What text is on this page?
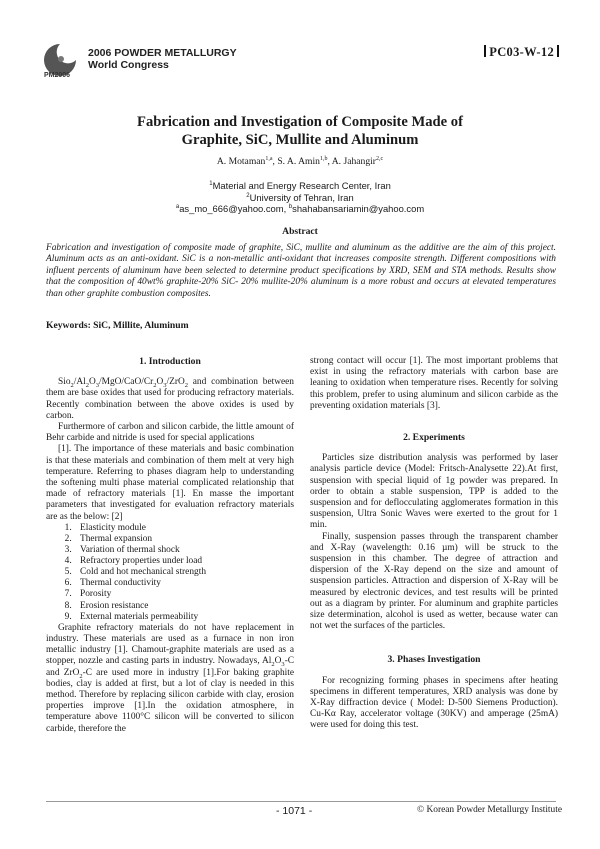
2006 POWDER METALLURGY
World Congress
PM2006
PC03-W-12
Fabrication and Investigation of Composite Made of
Graphite, SiC, Mullite and Aluminum
A. Motaman$^{1,a}$, S. A. Amin$^{1,b}$, A. Jahangir$^{2,c}$
$^1$Material and Energy Research Center, Iran
$^2$University of Tehran, Iran
$^a$as_mo_666@yahoo.com, $^b$shahabansariamin@yahoo.com
Abstract
Fabrication and investigation of composite made of graphite, SiC, mullite and aluminum as the additive are the aim of this project. Aluminum acts as an anti-oxidant. SiC is a non-metallic anti-oxidant that increases composite strength. Different compositions with influent percents of aluminum have been selected to determine product specifications by XRD, SEM and STA methods. Results show that the composition of 40wt% graphite-20% SiC- 20% mullite-20% aluminum is a more robust and occurs at elevated temperatures than other graphite combustion composites.
Keywords: SiC, Millite, Aluminum

1. Introduction

$Sio_2/Al_2O_3/MgO/CaO/Cr_2O_3/ZrO_2$ and combination between them are base oxides that used for producing refractory materials. Recently combination between the above oxides is used by carbon.

Furthermore of carbon and silicon carbide, the little amount of Behr carbide and nitride is used for special applications

[1]. The importance of these materials and basic combination is that these materials and combination of them melt at very high temperature. Referring to phases diagram help to understanding the softening multi phase material complicated relationship that made of refractory materials [1]. En masse the important parameters that investigated for evaluation refractory materials are as the below: [2]

1. Elasticity module
2. Thermal expansion
3. Variation of thermal shock
4. Refractory properties under load
5. Cold and hot mechanical strength
6. Thermal conductivity
7. Porosity
8. Erosion resistance
9. External materials permeability

Graphite refractory materials do not have replacement in industry. These materials are used as a furnace in non iron metallic industry [1]. Chamout-graphite materials are used as a stopper, nozzle and casting parts in industry. Nowadays, $Al_2O_3-C$ and ZrO$_2$-C are used more in industry [1].For baking graphite bodies, clay is added at first, but a lot of clay is needed in this method. Therefore by replacing silicon carbide with clay, erosion properties improve [1].In the oxidation atmosphere, in temperature above 1100°C silicon will be converted to silicon carbide, therefore the

strong contact will occur [1]. The most important problems that exist in using the refractory materials with carbon base are leaning to oxidation when temperature rises. Recently for solving this problem, prefer to using aluminum and silicon carbide as the preventing oxidation materials [3].

2. Experiments

Particles size distribution analysis was performed by laser analysis particle device (Model: Fritsch-Analysette 22).At first, suspension with special liquid of 1g powder was prepared. In order to obtain a stable suspension, TPP is added to the suspension and for deflocculating agglomerates formation in this suspension, Ultra Sonic Waves were exerted to the grout for 1 min.

Finally, suspension passes through the transparent chamber and X-Ray (wavelength: 0.16 µm) will be struck to the suspension in this chamber. The degree of attraction and dispersion of the X-Ray depend on the size and amount of suspension particles. Attraction and dispersion of X-Ray will be measured by electronic devices, and test results will be printed out as a diagram by printer. For aluminum and graphite particles size determination, alcohol is used as wetter, because water can not wet the surfaces of the particles.

3. Phases Investigation

For recognizing forming phases in specimens after heating specimens in different temperatures, XRD analysis was done by X-Ray diffraction device ( Model: D-500 Siemens Production). Cu-Kα Ray, accelerator voltage (30KV) and amperage (25mA) were used for doing this test.

- 1071 -	© Korean Powder Metallurgy Institute
